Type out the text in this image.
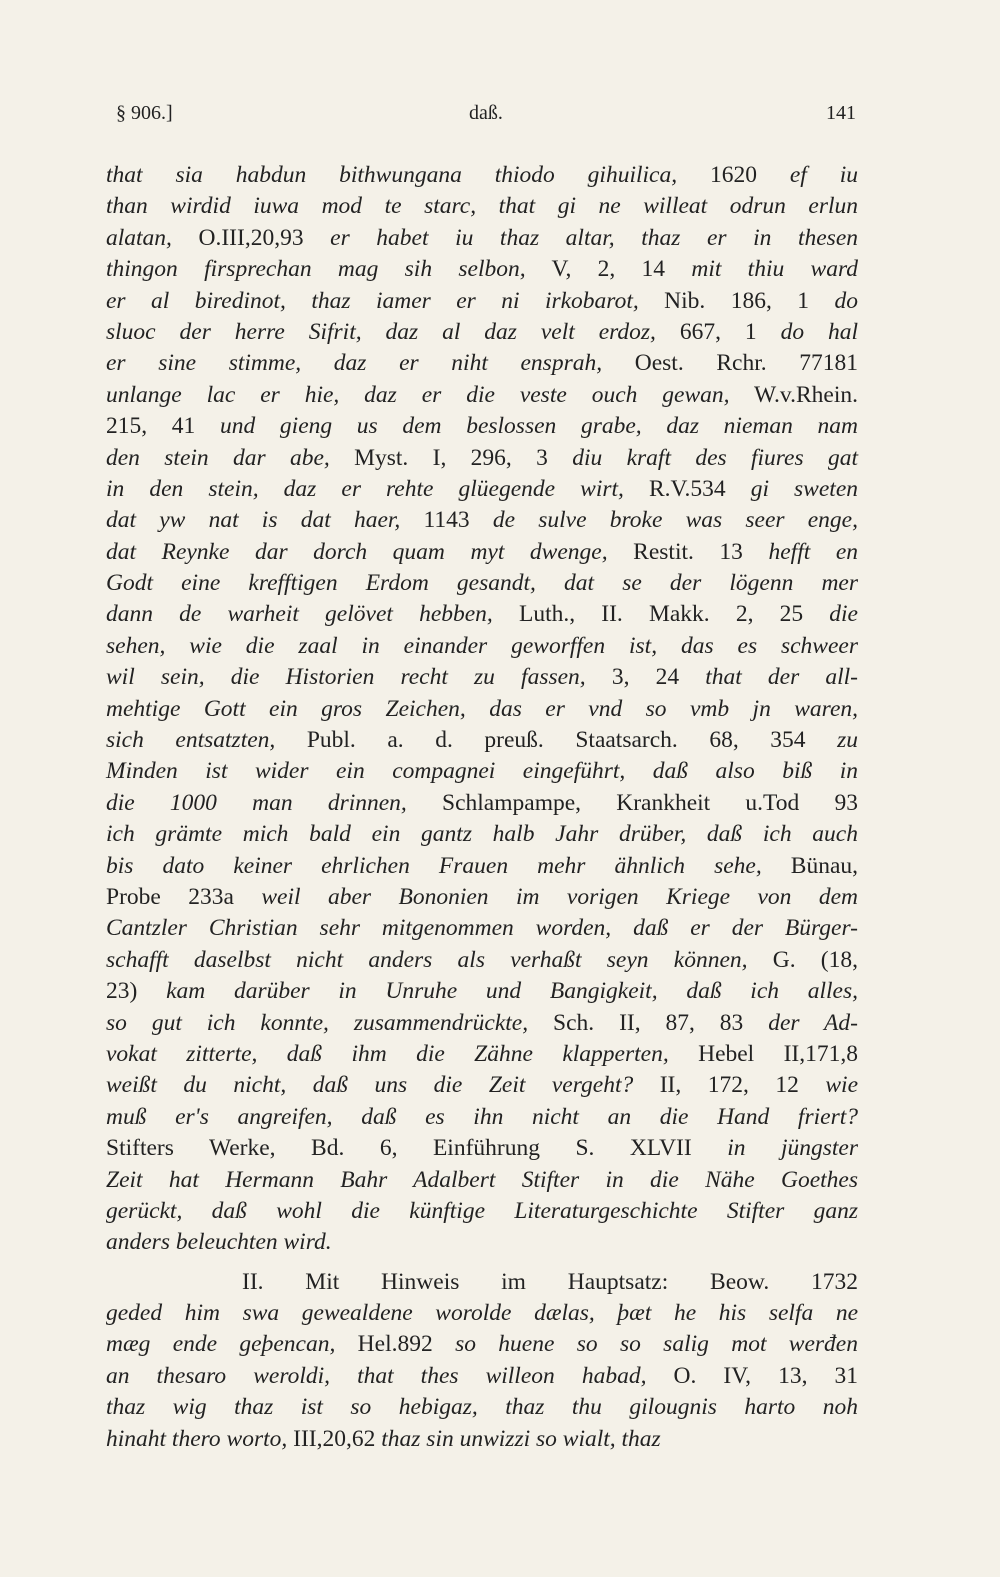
§ 906.]	daß.	141
that sia habdun bithwungana thiodo gihuilica, 1620 ef iu
than wirdid iuwa mod te starc, that gi ne willeat odrun erlun
alatan, O.III,20,93 er habet iu thaz altar, thaz er in thesen
thingon firsprechan mag sih selbon, V, 2, 14 mit thiu ward
er al biredinot, thaz iamer er ni irkobarot, Nib. 186, 1 do
sluoc der herre Sifrit, daz al daz velt erdoz, 667, 1 do hal
er sine stimme, daz er niht ensprah, Oest. Rchr. 77181
unlange lac er hie, daz er die veste ouch gewan, W.v.Rhein.
215, 41 und gieng us dem beslossen grabe, daz nieman nam
den stein dar abe, Myst. I, 296, 3 diu kraft des fiures gat
in den stein, daz er rehte glüegende wirt, R.V.534 gi sweten
dat yw nat is dat haer, 1143 de sulve broke was seer enge,
dat Reynke dar dorch quam myt dwenge, Restit. 13 hefft en
Godt eine krefftigen Erdom gesandt, dat se der lögenn mer
dann de warheit gelövet hebben, Luth., II. Makk. 2, 25 die
sehen, wie die zaal in einander geworffen ist, das es schweer
wil sein, die Historien recht zu fassen, 3, 24 that der all-
mehtige Gott ein gros Zeichen, das er vnd so vmb jn waren,
sich entsatzten, Publ. a. d. preuß. Staatsarch. 68, 354 zu
Minden ist wider ein compagnei eingeführt, daß also biß in
die 1000 man drinnen, Schlampampe, Krankheit u.Tod 93
ich grämte mich bald ein gantz halb Jahr drüber, daß ich auch
bis dato keiner ehrlichen Frauen mehr ähnlich sehe, Bünau,
Probe 233a weil aber Bononien im vorigen Kriege von dem
Cantzler Christian sehr mitgenommen worden, daß er der Bürger-
schafft daselbst nicht anders als verhaßt seyn können, G. (18,
23) kam darüber in Unruhe und Bangigkeit, daß ich alles,
so gut ich konnte, zusammendrückte, Sch. II, 87, 83 der Ad-
vokat zitterte, daß ihm die Zähne klapperten, Hebel II,171,8
weißt du nicht, daß uns die Zeit vergeht? II, 172, 12 wie
muß er's angreifen, daß es ihn nicht an die Hand friert?
Stifters Werke, Bd. 6, Einführung S. XLVII in jüngster
Zeit hat Hermann Bahr Adalbert Stifter in die Nähe Goethes
gerückt, daß wohl die künftige Literaturgeschichte Stifter ganz
anders beleuchten wird.
II. Mit Hinweis im Hauptsatz: Beow. 1732
geded him swa gewealdene worolde dælas, þæt he his selfa ne
mæg ende geþencan, Hel.892 so huene so so salig mot werđen
an thesaro weroldi, that thes willeon habad, O. IV, 13, 31
thaz wig thaz ist so hebigaz, thaz thu gilougnis harto noh
hinaht thero worto, III,20,62 thaz sin unwizzi so wialt, thaz
